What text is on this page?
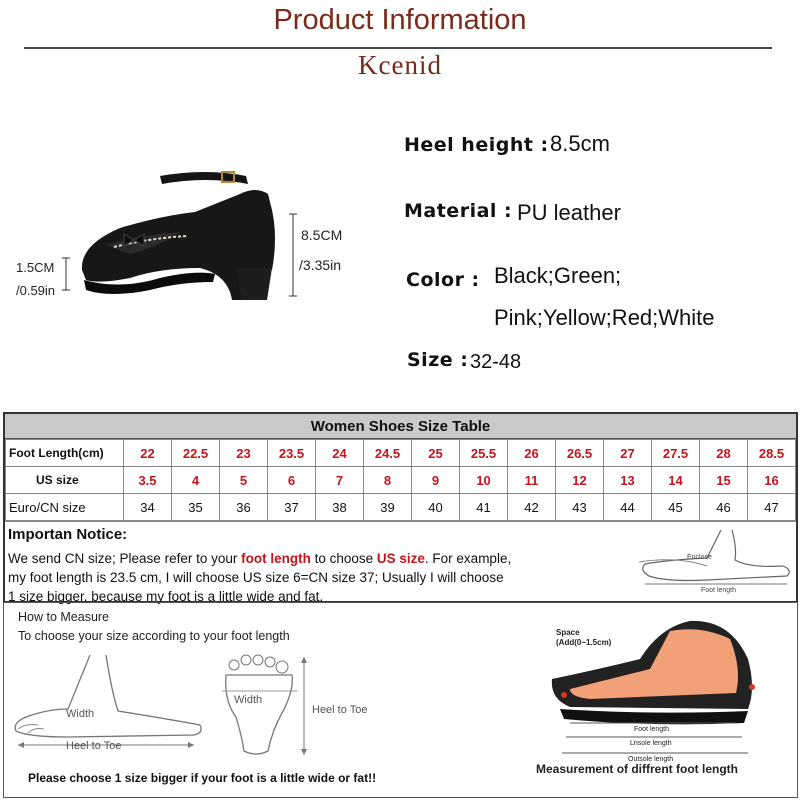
Product Information
Kcenid
1.5CM
/0.59in
8.5CM
/3.35in
Heel height : 8.5cm
Material : PU leather
Color : Black;Green;
Pink;Yellow;Red;White
Size : 32-48
Women Shoes Size Table
Foot Length(cm)	22	22.5	23	23.5	24	24.5	25	25.5	26	26.5	27	27.5	28	28.5
US size	3.5	4	5	6	7	8	9	10	11	12	13	14	15	16
Euro/CN size	34	35	36	37	38	39	40	41	42	43	44	45	46	47
Importan Notice:
We send CN size; Please refer to your foot length to choose US size. For example,
my foot length is 23.5 cm, I will choose US size 6=CN size 37; Usually I will choose
1 size bigger, because my foot is a little wide and fat.
Enclose
Foot length
How to Measure
To choose your size according to your foot length
Width
Heel to Toe
Width
Heel to Toe
Space
(Add(0~1.5cm)
Foot length
Lnsole length
Outsole length
Measurement of diffrent foot length
Please choose 1 size bigger if your foot is a little wide or fat!!
